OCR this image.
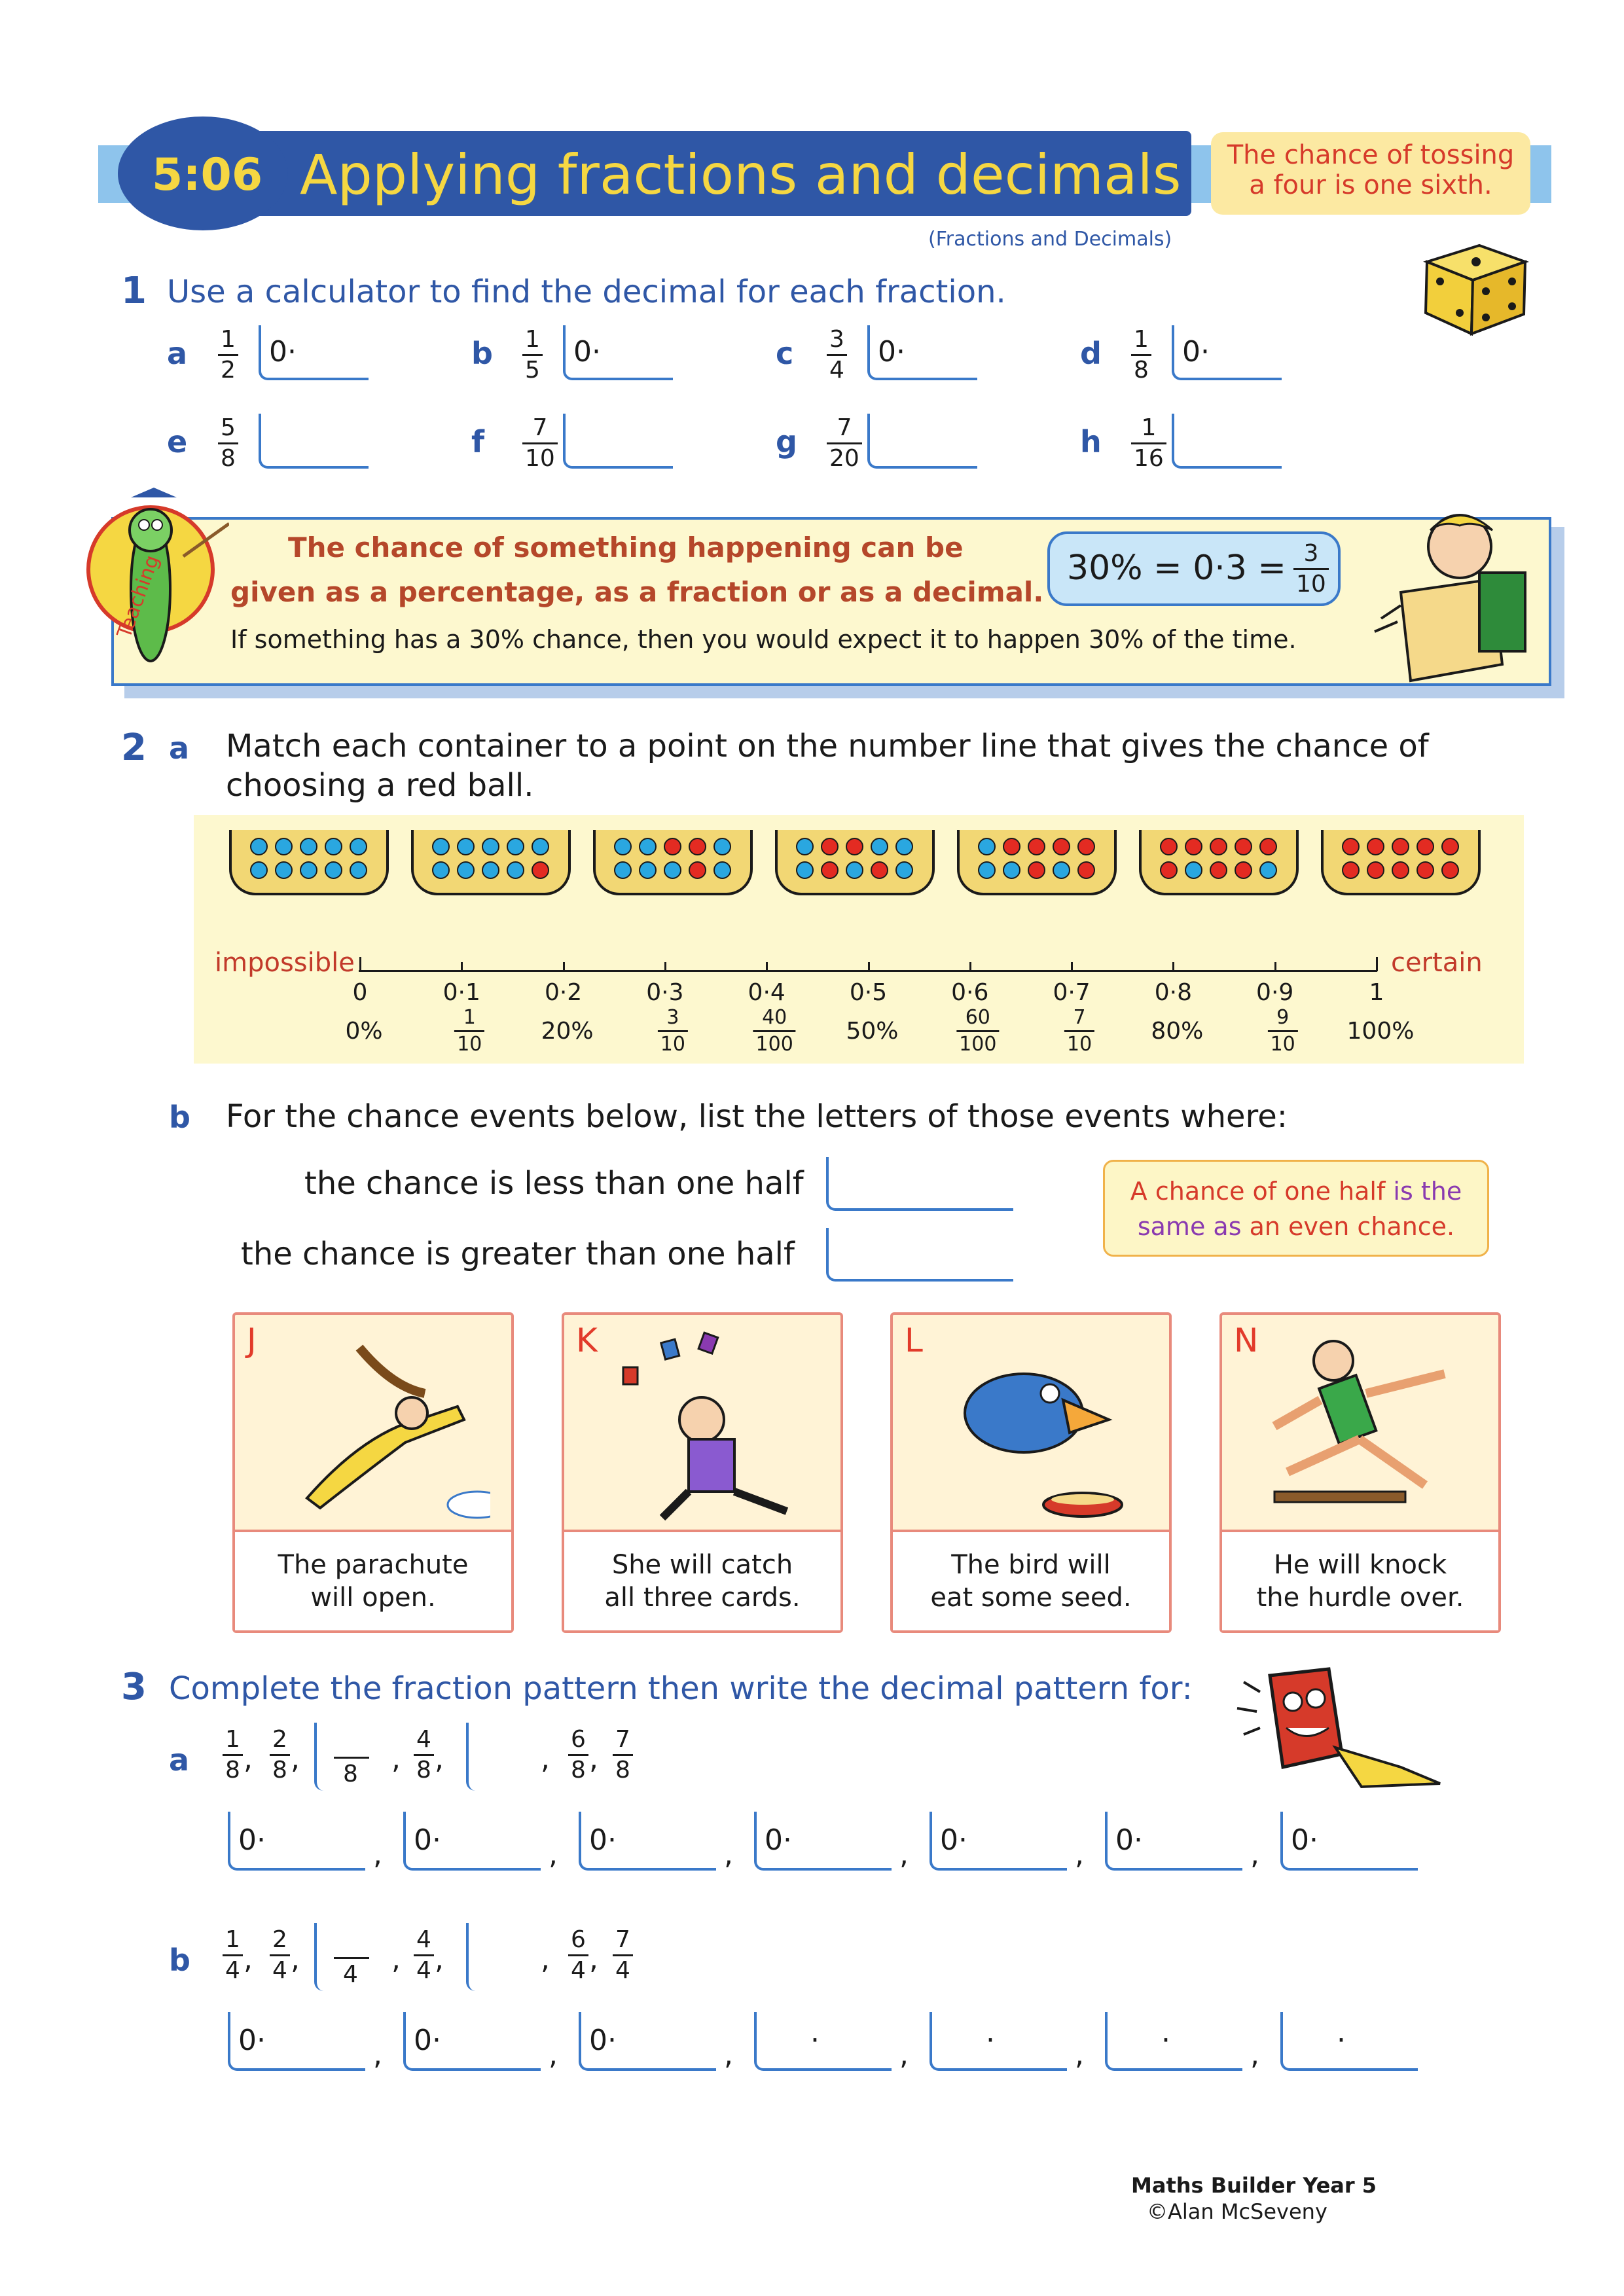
5:06 Applying fractions and decimals
(Fractions and Decimals)
The chance of tossing
a four is one sixth.
1 Use a calculator to find the decimal for each fraction.
a $\frac{1}{2} 0\cdot$	b $\frac{1}{5} 0\cdot$	c $\frac{3}{4} 0\cdot$	d $\frac{1}{8} 0\cdot$
e $\frac{5}{8}$	f $\frac{7}{10}$	g $\frac{7}{20}$	h $\frac{1}{16}$
Teaching
The chance of something happening can be
given as a percentage, as a fraction or as a decimal.
If something has a 30% chance, then you would expect it to happen 30% of the time.
$30\% = 0\cdot 3 = \frac{3}{10}$
2 a Match each container to a point on the number line that gives the chance of
choosing a red ball.
impossible	certain
0
0%
0·1
$\frac{1}{10}$
0·2
20%
0·3
$\frac{3}{10}$
0·4
$\frac{40}{100}$
0·5
50%
0·6
$\frac{60}{100}$
0·7
$\frac{7}{10}$
0·8
80%
0·9
$\frac{9}{10}$
1
100%
b For the chance events below, list the letters of those events where:
the chance is less than one half
the chance is greater than one half
A chance of one half is the
same as an even chance.
J
The parachute
will open.
K
She will catch
all three cards.
L
The bird will
eat some seed.
N
He will knock
the hurdle over.
3 Complete the fraction pattern then write the decimal pattern for:
a $\frac{1}{8}$ , $\frac{2}{8}$ , 8 , $\frac{4}{8}$ ,	, $\frac{6}{8}$ , $\frac{7}{8}$
0·	, 0·	, 0·	, 0·	, 0·	, 0·	, 0·
b $\frac{1}{4}$ , $\frac{2}{4}$ , 4 , $\frac{4}{4}$ ,	, $\frac{6}{4}$ , $\frac{7}{4}$
0·	, 0·	, 0·	,	·	,	·	,	·	,	·
Maths Builder Year 5
©Alan McSeveny
